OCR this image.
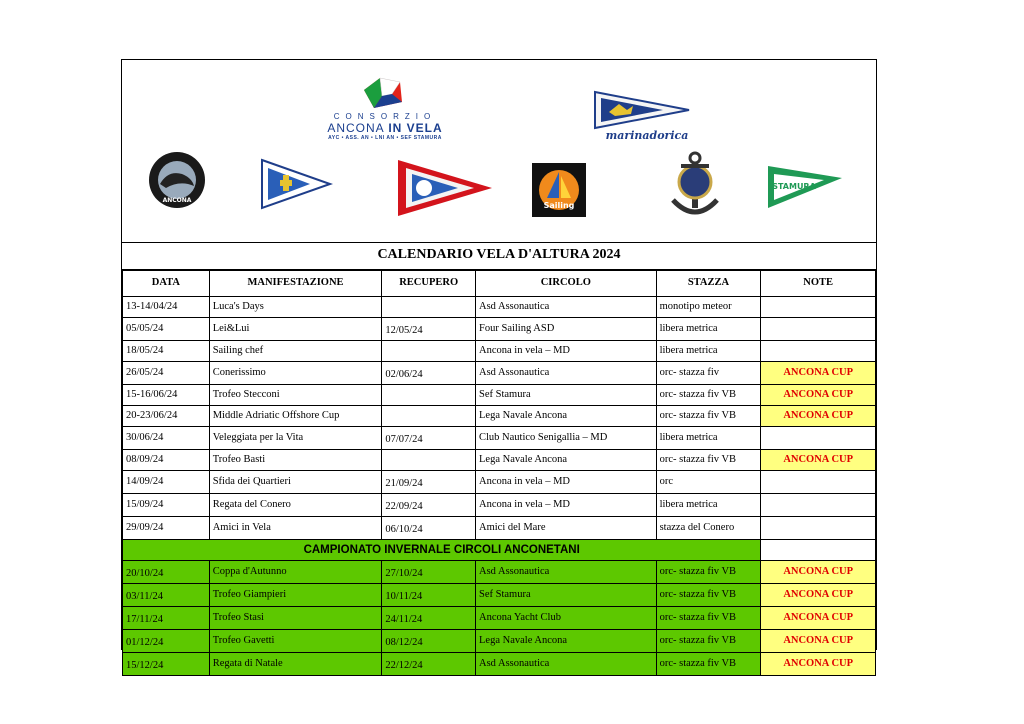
CONSORZIO
ANCONA IN VELA
AYC • ASS. AN • LNI AN • SEF STAMURA	marinadorica
ANCONA
Sailing
STAMURA
CALENDARIO VELA D'ALTURA 2024
DATA	MANIFESTAZIONE	RECUPERO	CIRCOLO	STAZZA	NOTE
13-14/04/24	Luca's Days		Asd Assonautica	monotipo meteor	
05/05/24	Lei&Lui	12/05/24	Four Sailing ASD	libera metrica	
18/05/24	Sailing chef		Ancona in vela – MD	libera metrica	
26/05/24	Conerissimo	02/06/24	Asd Assonautica	orc- stazza fiv	ANCONA CUP
15-16/06/24	Trofeo Stecconi		Sef Stamura	orc- stazza fiv VB	ANCONA CUP
20-23/06/24	Middle Adriatic Offshore Cup		Lega Navale Ancona	orc- stazza fiv VB	ANCONA CUP
30/06/24	Veleggiata per la Vita	07/07/24	Club Nautico Senigallia – MD	libera metrica	
08/09/24	Trofeo Basti		Lega Navale Ancona	orc- stazza fiv VB	ANCONA CUP
14/09/24	Sfida dei Quartieri	21/09/24	Ancona in vela – MD	orc	
15/09/24	Regata del Conero	22/09/24	Ancona in vela – MD	libera metrica	
29/09/24	Amici in Vela	06/10/24	Amici del Mare	stazza del Conero	
CAMPIONATO INVERNALE CIRCOLI ANCONETANI					
20/10/24	Coppa d'Autunno	27/10/24	Asd Assonautica	orc- stazza fiv VB	ANCONA CUP
03/11/24	Trofeo Giampieri	10/11/24	Sef Stamura	orc- stazza fiv VB	ANCONA CUP
17/11/24	Trofeo Stasi	24/11/24	Ancona Yacht Club	orc- stazza fiv VB	ANCONA CUP
01/12/24	Trofeo Gavetti	08/12/24	Lega Navale Ancona	orc- stazza fiv VB	ANCONA CUP
15/12/24	Regata di Natale	22/12/24	Asd Assonautica	orc- stazza fiv VB	ANCONA CUP
